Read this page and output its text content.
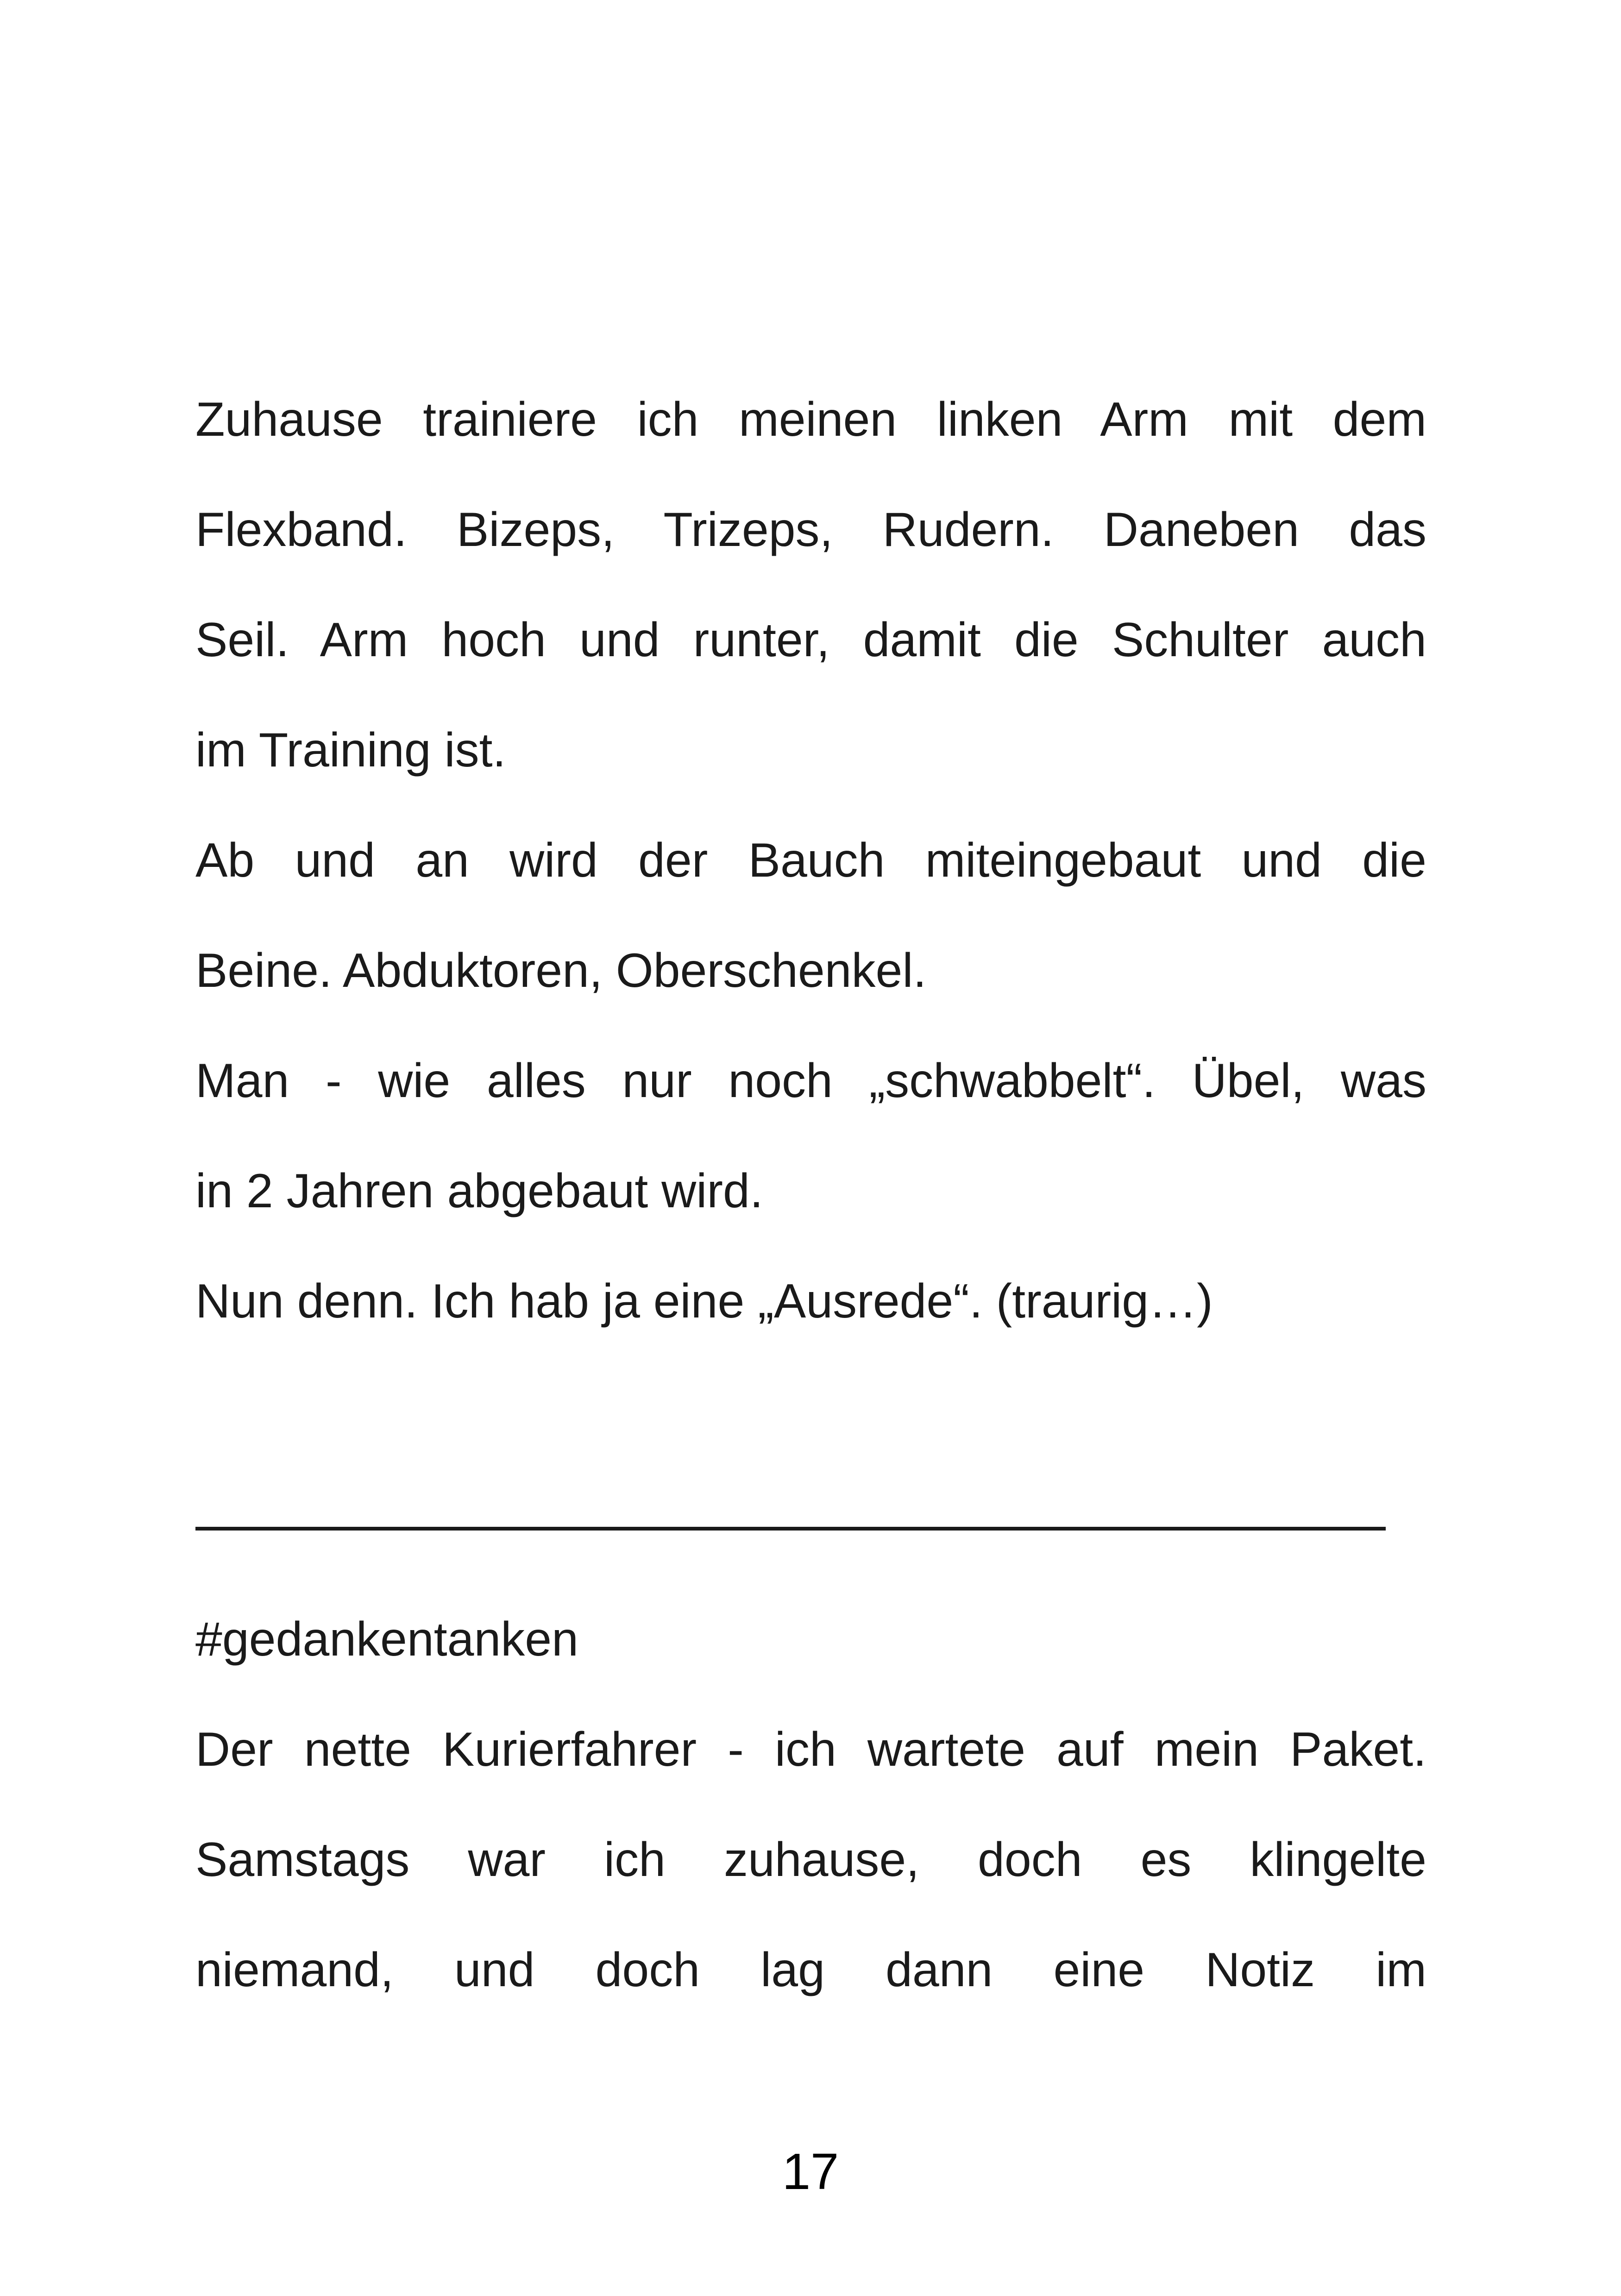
Zuhause trainiere ich meinen linken Arm mit dem
Flexband. Bizeps, Trizeps, Rudern. Daneben das
Seil. Arm hoch und runter, damit die Schulter auch
im Training ist.
Ab und an wird der Bauch miteingebaut und die
Beine. Abduktoren, Oberschenkel.
Man - wie alles nur noch „schwabbelt“. Übel, was
in 2 Jahren abgebaut wird.
Nun denn. Ich hab ja eine „Ausrede“. (traurig…)
#gedankentanken
Der nette Kurierfahrer - ich wartete auf mein Paket.
Samstags war ich zuhause, doch es klingelte
niemand, und doch lag dann eine Notiz im
17
